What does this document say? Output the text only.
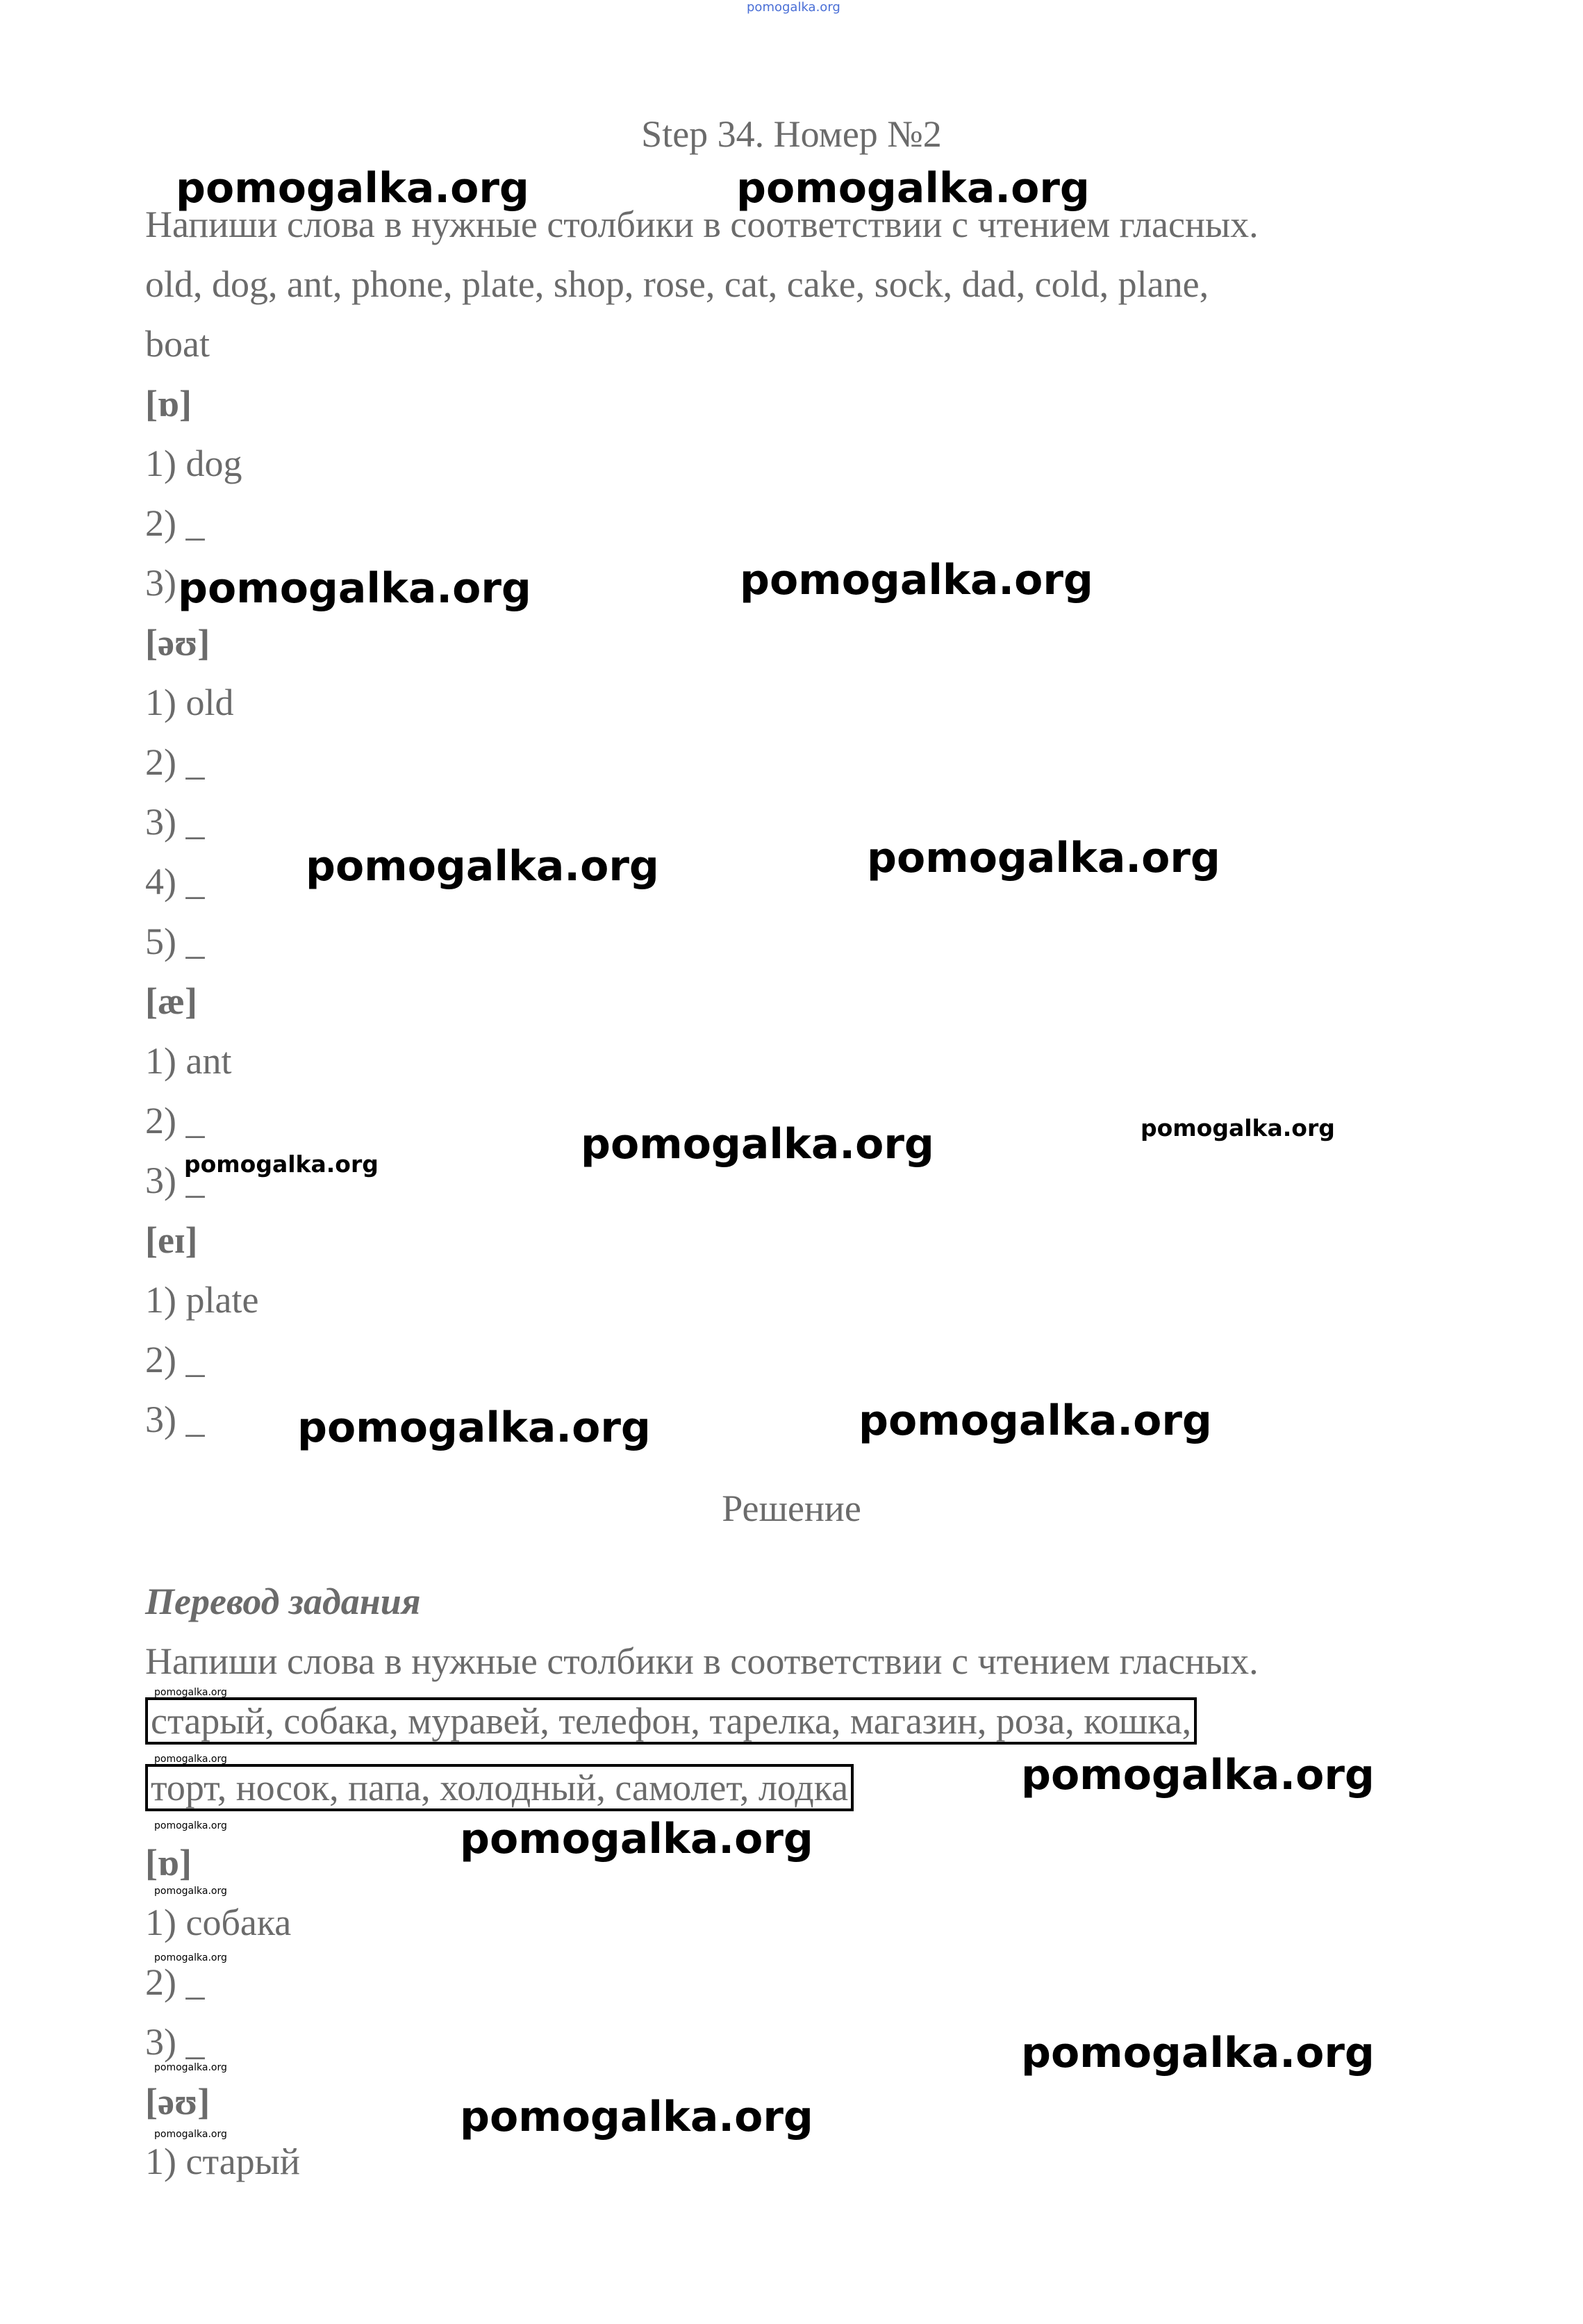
pomogalka.org
Step 34. Номер №2
Напиши слова в нужные столбики в соответствии с чтением гласных.
old, dog, ant, phone, plate, shop, rose, cat, cake, sock, dad, cold, plane,
boat
[ɒ]
1) dog
2) _
3)
[əʊ]
1) old
2) _
3) _
4) _
5) _
[æ]
1) ant
2) _
3) _
[eɪ]
1) plate
2) _
3) _
Решение
Перевод задания
Напиши слова в нужные столбики в соответствии с чтением гласных.
старый, собака, муравей, телефон, тарелка, магазин, роза, кошка,
торт, носок, папа, холодный, самолет, лодка
[ɒ]
1) собака
2) _
3) _
[əʊ]
1) старый
pomogalka.org	pomogalka.org
pomogalka.org	pomogalka.org
pomogalka.org	pomogalka.org
pomogalka.org
pomogalka.org	pomogalka.org
pomogalka.org
pomogalka.org
pomogalka.org
pomogalka.org
pomogalka.org
pomogalka.org
pomogalka.org
pomogalka.org
pomogalka.org
pomogalka.org
pomogalka.org
pomogalka.org
pomogalka.org
